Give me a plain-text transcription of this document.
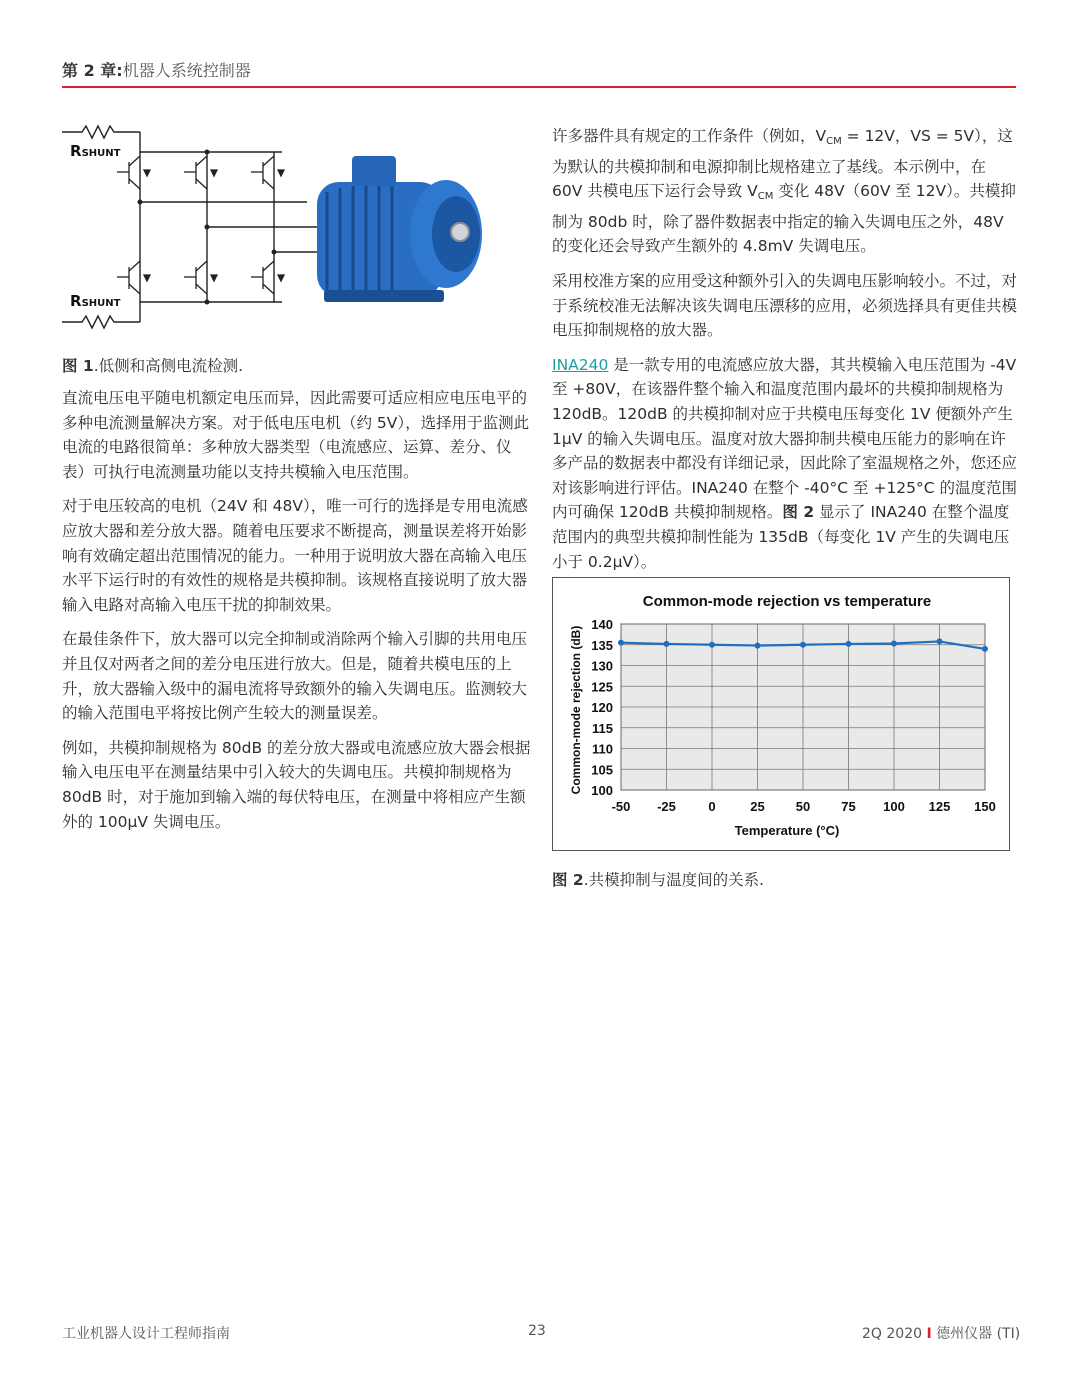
第 2 章:机器人系统控制器
RSHUNT
RSHUNT
图 1.低侧和高侧电流检测.

直流电压电平随电机额定电压而异，因此需要可适应相应电压电平的多种电流测量解决方案。对于低电压电机（约 5V），选择用于监测此电流的电路很简单：多种放大器类型（电流感应、运算、差分、仪表）可执行电流测量功能以支持共模输入电压范围。

对于电压较高的电机（24V 和 48V），唯一可行的选择是专用电流感应放大器和差分放大器。随着电压要求不断提高，测量误差将开始影响有效确定超出范围情况的能力。一种用于说明放大器在高输入电压水平下运行时的有效性的规格是共模抑制。该规格直接说明了放大器输入电路对高输入电压干扰的抑制效果。

在最佳条件下，放大器可以完全抑制或消除两个输入引脚的共用电压并且仅对两者之间的差分电压进行放大。但是，随着共模电压的上升，放大器输入级中的漏电流将导致额外的输入失调电压。监测较大的输入范围电平将按比例产生较大的测量误差。

例如，共模抑制规格为 80dB 的差分放大器或电流感应放大器会根据输入电压电平在测量结果中引入较大的失调电压。共模抑制规格为 80dB 时，对于施加到输入端的每伏特电压，在测量中将相应产生额外的 100µV 失调电压。

许多器件具有规定的工作条件（例如，$V_{CM} = 12V$，VS = 5V），这为默认的共模抑制和电源抑制比规格建立了基线。本示例中，在 60V 共模电压下运行会导致 $V_{CM}$ 变化 48V（60V 至 12V）。共模抑制为 80db 时，除了器件数据表中指定的输入失调电压之外，48V 的变化还会导致产生额外的 4.8mV 失调电压。

采用校准方案的应用受这种额外引入的失调电压影响较小。不过，对于系统校准无法解决该失调电压漂移的应用，必须选择具有更佳共模电压抑制规格的放大器。

INA240 是一款专用的电流感应放大器，其共模输入电压范围为 -4V 至 +80V，在该器件整个输入和温度范围内最坏的共模抑制规格为 120dB。120dB 的共模抑制对应于共模电压每变化 1V 便额外产生 1µV 的输入失调电压。温度对放大器抑制共模电压能力的影响在许多产品的数据表中都没有详细记录，因此除了室温规格之外，您还应对该影响进行评估。INA240 在整个 -40°C 至 +125°C 的温度范围内可确保 120dB 共模抑制规格。图 2 显示了 INA240 在整个温度范围内的典型共模抑制性能为 135dB（每变化 1V 产生的失调电压小于 0.2µV）。

Common-mode rejection vs temperature
100
105
110
115
120
125
130
135
140
-50 -25 0	25 50 75 100 125 150
Temperature (°C)
Common-mode rejection (dB)
图 2.共模抑制与温度间的关系.
工业机器人设计工程师指南	23	2Q 2020 I 德州仪器 (TI)
